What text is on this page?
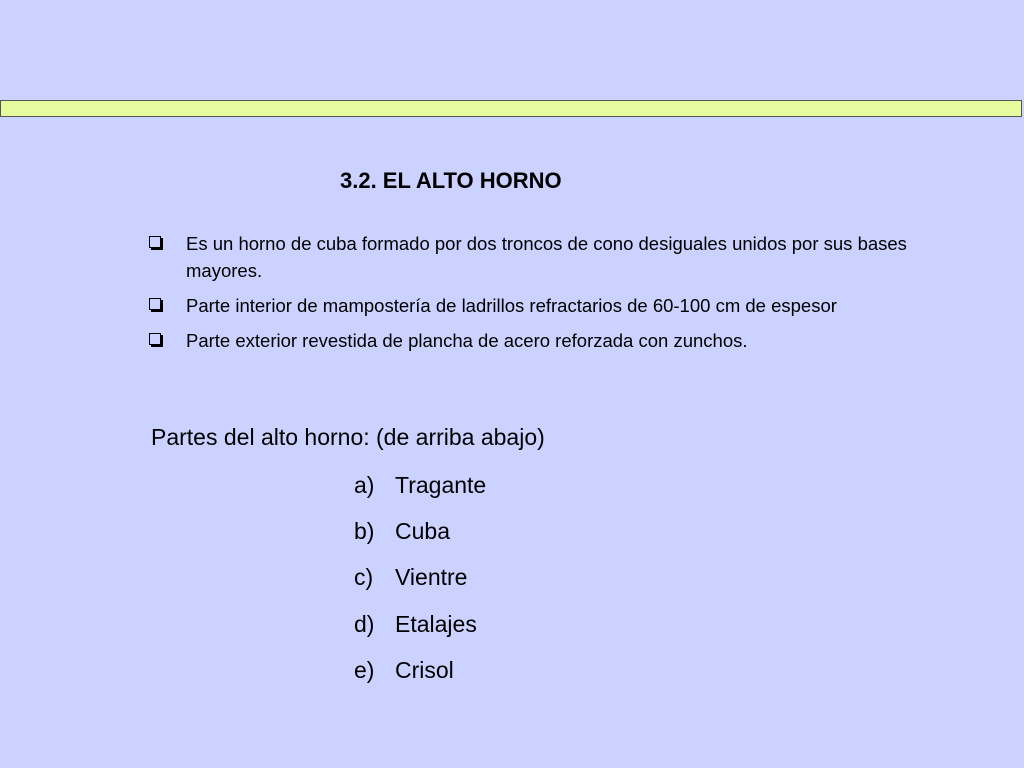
3.2. EL ALTO HORNO
Es un horno de cuba formado por dos troncos de cono desiguales unidos por sus bases mayores.
Parte interior de mampostería de ladrillos refractarios de 60-100 cm de espesor
Parte exterior revestida de plancha de acero reforzada con zunchos.

Partes del alto horno: (de arriba abajo)

a) Tragante
b) Cuba
c) Vientre
d) Etalajes
e) Crisol
